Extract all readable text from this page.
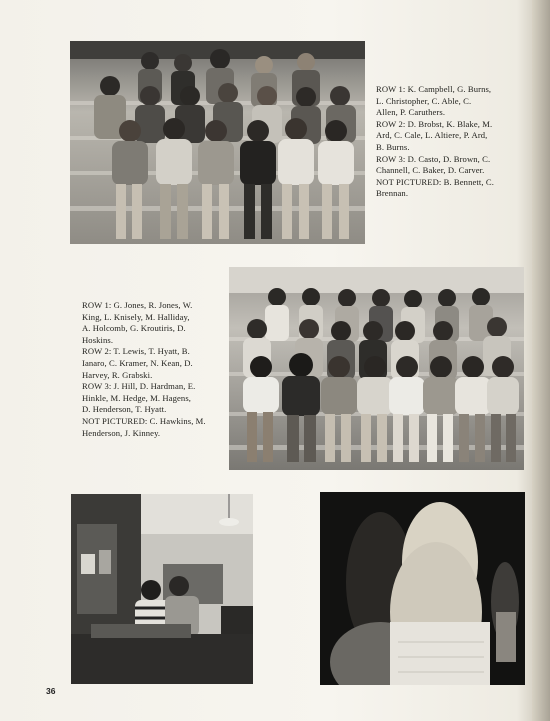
ROW 1: K. Campbell, G. Burns,

L. Christopher, C. Able, C.

Allen, P. Caruthers.

ROW 2: D. Brobst, K. Blake, M.

Ard, C. Cale, L. Altiere, P. Ard,

B. Burns.

ROW 3: D. Casto, D. Brown, C.

Channell, C. Baker, D. Carver.

NOT PICTURED: B. Bennett, C.

Brennan.

ROW 1: G. Jones, R. Jones, W.

King, L. Knisely, M. Halliday,

A. Holcomb, G. Kroutiris, D.

Hoskins.

ROW 2: T. Lewis, T. Hyatt, B.

Ianaro, C. Kramer, N. Kean, D.

Harvey, R. Grabski.

ROW 3: J. Hill, D. Hardman, E.

Hinkle, M. Hedge, M. Hagens,

D. Henderson, T. Hyatt.

NOT PICTURED: C. Hawkins, M.

Henderson, J. Kinney.

36
